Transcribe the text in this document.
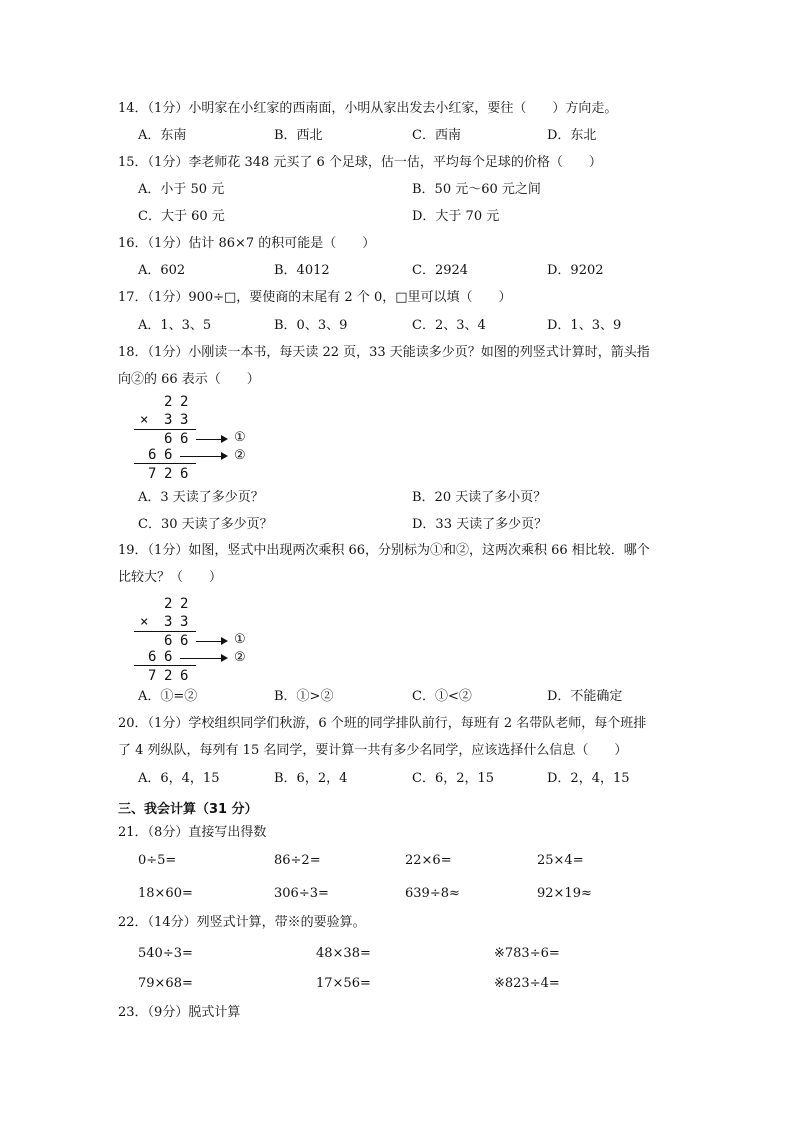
14．（1分）小明家在小红家的西南面，小明从家出发去小红家，要往（　　）方向走。
A．东南	B．西北	C．西南	D．东北
15．（1分）李老师花 348 元买了 6 个足球，估一估，平均每个足球的价格（　　）
A．小于 50 元	B．50 元～60 元之间
C．大于 60 元	D．大于 70 元
16．（1分）估计 86×7 的积可能是（　　）
A．602	B．4012	C．2924	D．9202
17．（1分）900÷□，要使商的末尾有 2 个 0，□里可以填（　　）
A．1、3、5	B．0、3、9	C．2、3、4	D．1、3、9
18．（1分）小刚读一本书，每天读 22 页，33 天能读多少页？如图的列竖式计算时，箭头指
向②的 66 表示（　　）
2 2
× 3 3
6 6	①
6 6	②
7 2 6
A．3 天读了多少页？	B．20 天读了多小页？
C．30 天读了多少页？	D．33 天读了多少页？
19．（1分）如图，竖式中出现两次乘积 66，分别标为①和②，这两次乘积 66 相比较．哪个
比较大？（　　）
2 2
× 3 3
6 6	①
6 6	②
7 2 6
A．①=②	B．①>②	C．①<②	D．不能确定
20．（1分）学校组织同学们秋游，6 个班的同学排队前行，每班有 2 名带队老师，每个班排
了 4 列纵队，每列有 15 名同学，要计算一共有多少名同学，应该选择什么信息（　　）
A．6，4，15	B．6，2，4	C．6，2，15	D．2，4，15
三、我会计算（31 分）
21．（8分）直接写出得数
0÷5=	86÷2=	22×6=	25×4=
18×60=	306÷3=	639÷8≈	92×19≈
22．（14分）列竖式计算，带※的要验算。
540÷3=	48×38=	※783÷6=
79×68=	17×56=	※823÷4=
23．（9分）脱式计算
